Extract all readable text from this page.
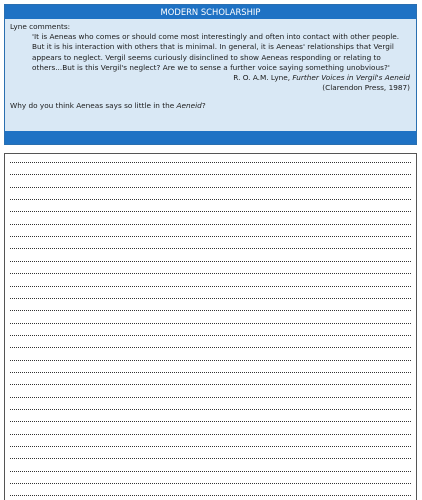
MODERN SCHOLARSHIP

Lyne comments:

'It is Aeneas who comes or should come most interestingly and often into contact with other people. But it is his interaction with others that is minimal. In general, it is Aeneas' relationships that Vergil appears to neglect. Vergil seems curiously disinclined to show Aeneas responding or relating to others...But is this Vergil's neglect? Are we to sense a further voice saying something unobvious?'

R. O. A.M. Lyne, Further Voices in Vergil's Aeneid

(Clarendon Press, 1987)

Why do you think Aeneas says so little in the Aeneid?
